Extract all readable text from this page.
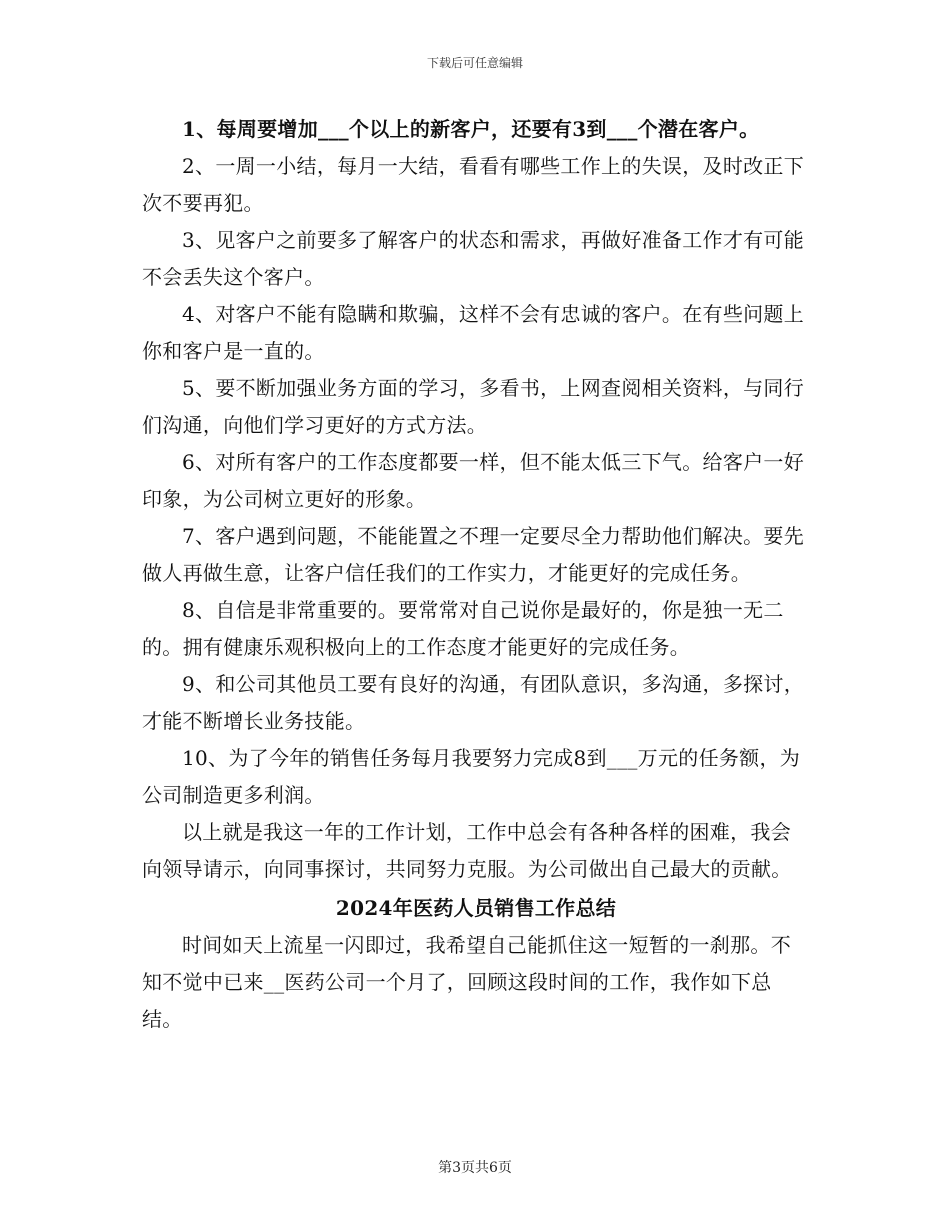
下载后可任意编辑

1、每周要增加___个以上的新客户，还要有3到___个潜在客户。

2、一周一小结，每月一大结，看看有哪些工作上的失误，及时改正下次不要再犯。

3、见客户之前要多了解客户的状态和需求，再做好准备工作才有可能不会丢失这个客户。

4、对客户不能有隐瞒和欺骗，这样不会有忠诚的客户。在有些问题上你和客户是一直的。

5、要不断加强业务方面的学习，多看书，上网查阅相关资料，与同行们沟通，向他们学习更好的方式方法。

6、对所有客户的工作态度都要一样，但不能太低三下气。给客户一好印象，为公司树立更好的形象。

7、客户遇到问题，不能能置之不理一定要尽全力帮助他们解决。要先做人再做生意，让客户信任我们的工作实力，才能更好的完成任务。

8、自信是非常重要的。要常常对自己说你是最好的，你是独一无二的。拥有健康乐观积极向上的工作态度才能更好的完成任务。

9、和公司其他员工要有良好的沟通，有团队意识，多沟通，多探讨，才能不断增长业务技能。

10、为了今年的销售任务每月我要努力完成8到___万元的任务额，为公司制造更多利润。

以上就是我这一年的工作计划，工作中总会有各种各样的困难，我会向领导请示，向同事探讨，共同努力克服。为公司做出自己最大的贡献。

2024年医药人员销售工作总结

时间如天上流星一闪即过，我希望自己能抓住这一短暂的一刹那。不知不觉中已来__医药公司一个月了，回顾这段时间的工作，我作如下总结。

第3页共6页
